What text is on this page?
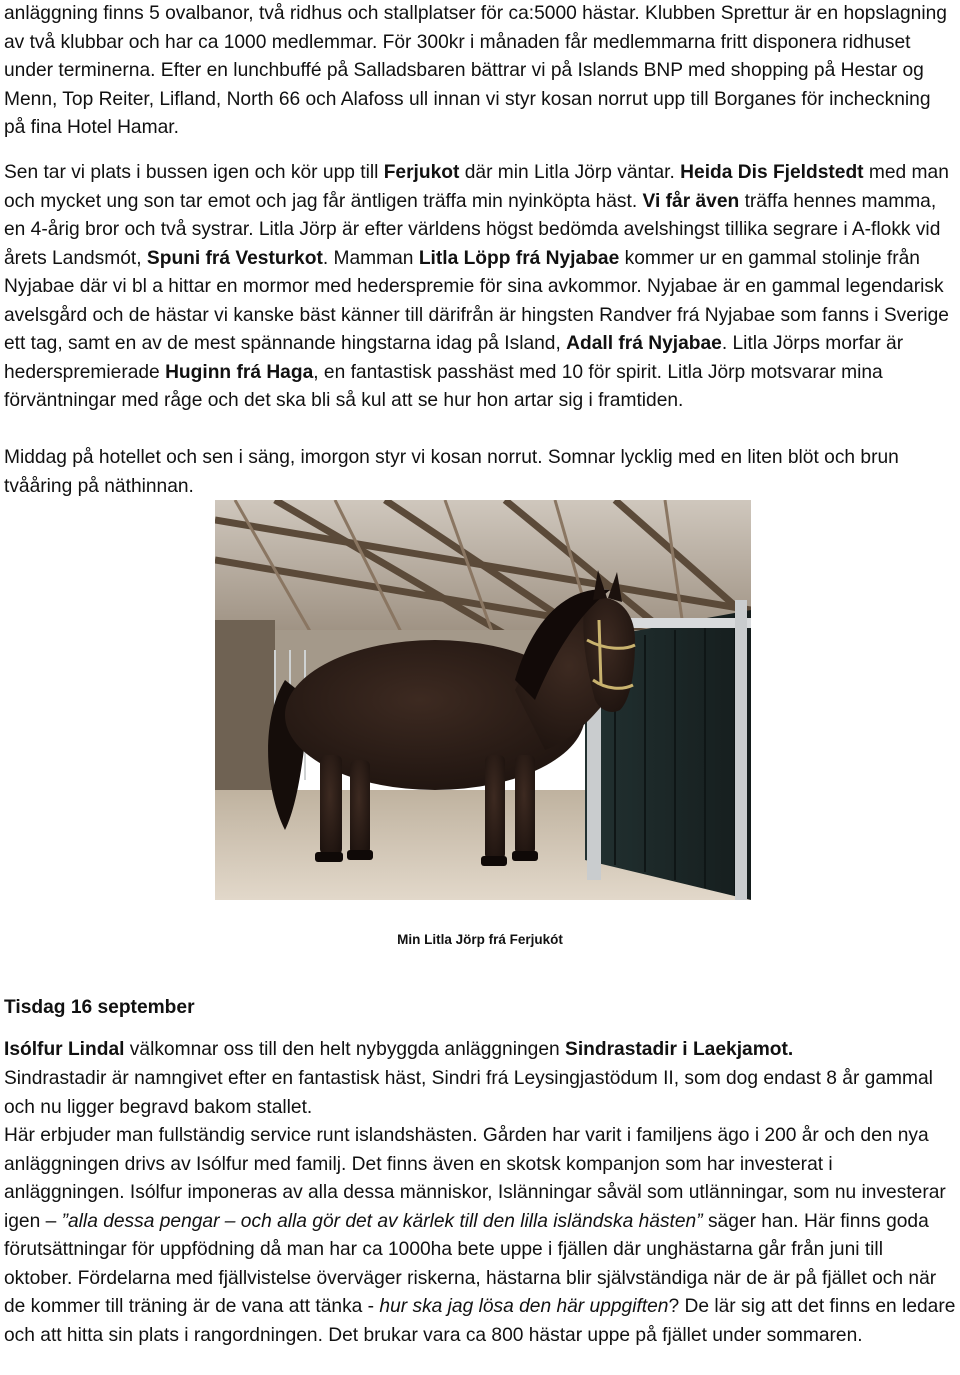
anläggning finns 5 ovalbanor, två ridhus och stallplatser för ca:5000 hästar. Klubben Sprettur är en hopslagning av två klubbar och har ca 1000 medlemmar. För 300kr i månaden får medlemmarna fritt disponera ridhuset under terminerna. Efter en lunchbuffé på Salladsbaren bättrar vi på Islands BNP med shopping på Hestar og Menn, Top Reiter, Lifland, North 66 och Alafoss ull innan vi styr kosan norrut upp till Borganes för incheckning på fina Hotel Hamar.

Sen tar vi plats i bussen igen och kör upp till Ferjukot där min Litla Jörp väntar. Heida Dis Fjeldstedt med man och mycket ung son tar emot och jag får äntligen träffa min nyinköpta häst. Vi får även träffa hennes mamma, en 4-årig bror och två systrar. Litla Jörp är efter världens högst bedömda avelshingst tillika segrare i A-flokk vid årets Landsmót, Spuni frá Vesturkot. Mamman Litla Löpp frá Nyjabae kommer ur en gammal stolinje från Nyjabae där vi bl a hittar en mormor med hederspremie för sina avkommor. Nyjabae är en gammal legendarisk avelsgård och de hästar vi kanske bäst känner till därifrån är hingsten Randver frá Nyjabae som fanns i Sverige ett tag, samt en av de mest spännande hingstarna idag på Island, Adall frá Nyjabae. Litla Jörps morfar är hederspremierade Huginn frá Haga, en fantastisk passhäst med 10 för spirit. Litla Jörp motsvarar mina förväntningar med råge och det ska bli så kul att se hur hon artar sig i framtiden.

Middag på hotellet och sen i säng, imorgon styr vi kosan norrut. Somnar lycklig med en liten blöt och brun tvååring på näthinnan.

Min Litla Jörp frá Ferjukót
Tisdag 16 september

Isólfur Lindal välkomnar oss till den helt nybyggda anläggningen Sindrastadir i Laekjamot.

Sindrastadir är namngivet efter en fantastisk häst, Sindri frá Leysingjastödum II, som dog endast 8 år gammal och nu ligger begravd bakom stallet.

Här erbjuder man fullständig service runt islandshästen. Gården har varit i familjens ägo i 200 år och den nya anläggningen drivs av Isólfur med familj. Det finns även en skotsk kompanjon som har investerat i anläggningen. Isólfur imponeras av alla dessa människor, Islänningar såväl som utlänningar, som nu investerar igen – ”alla dessa pengar – och alla gör det av kärlek till den lilla isländska hästen” säger han. Här finns goda förutsättningar för uppfödning då man har ca 1000ha bete uppe i fjällen där unghästarna går från juni till oktober. Fördelarna med fjällvistelse överväger riskerna, hästarna blir självständiga när de är på fjället och när de kommer till träning är de vana att tänka - hur ska jag lösa den här uppgiften? De lär sig att det finns en ledare och att hitta sin plats i rangordningen. Det brukar vara ca 800 hästar uppe på fjället under sommaren.
